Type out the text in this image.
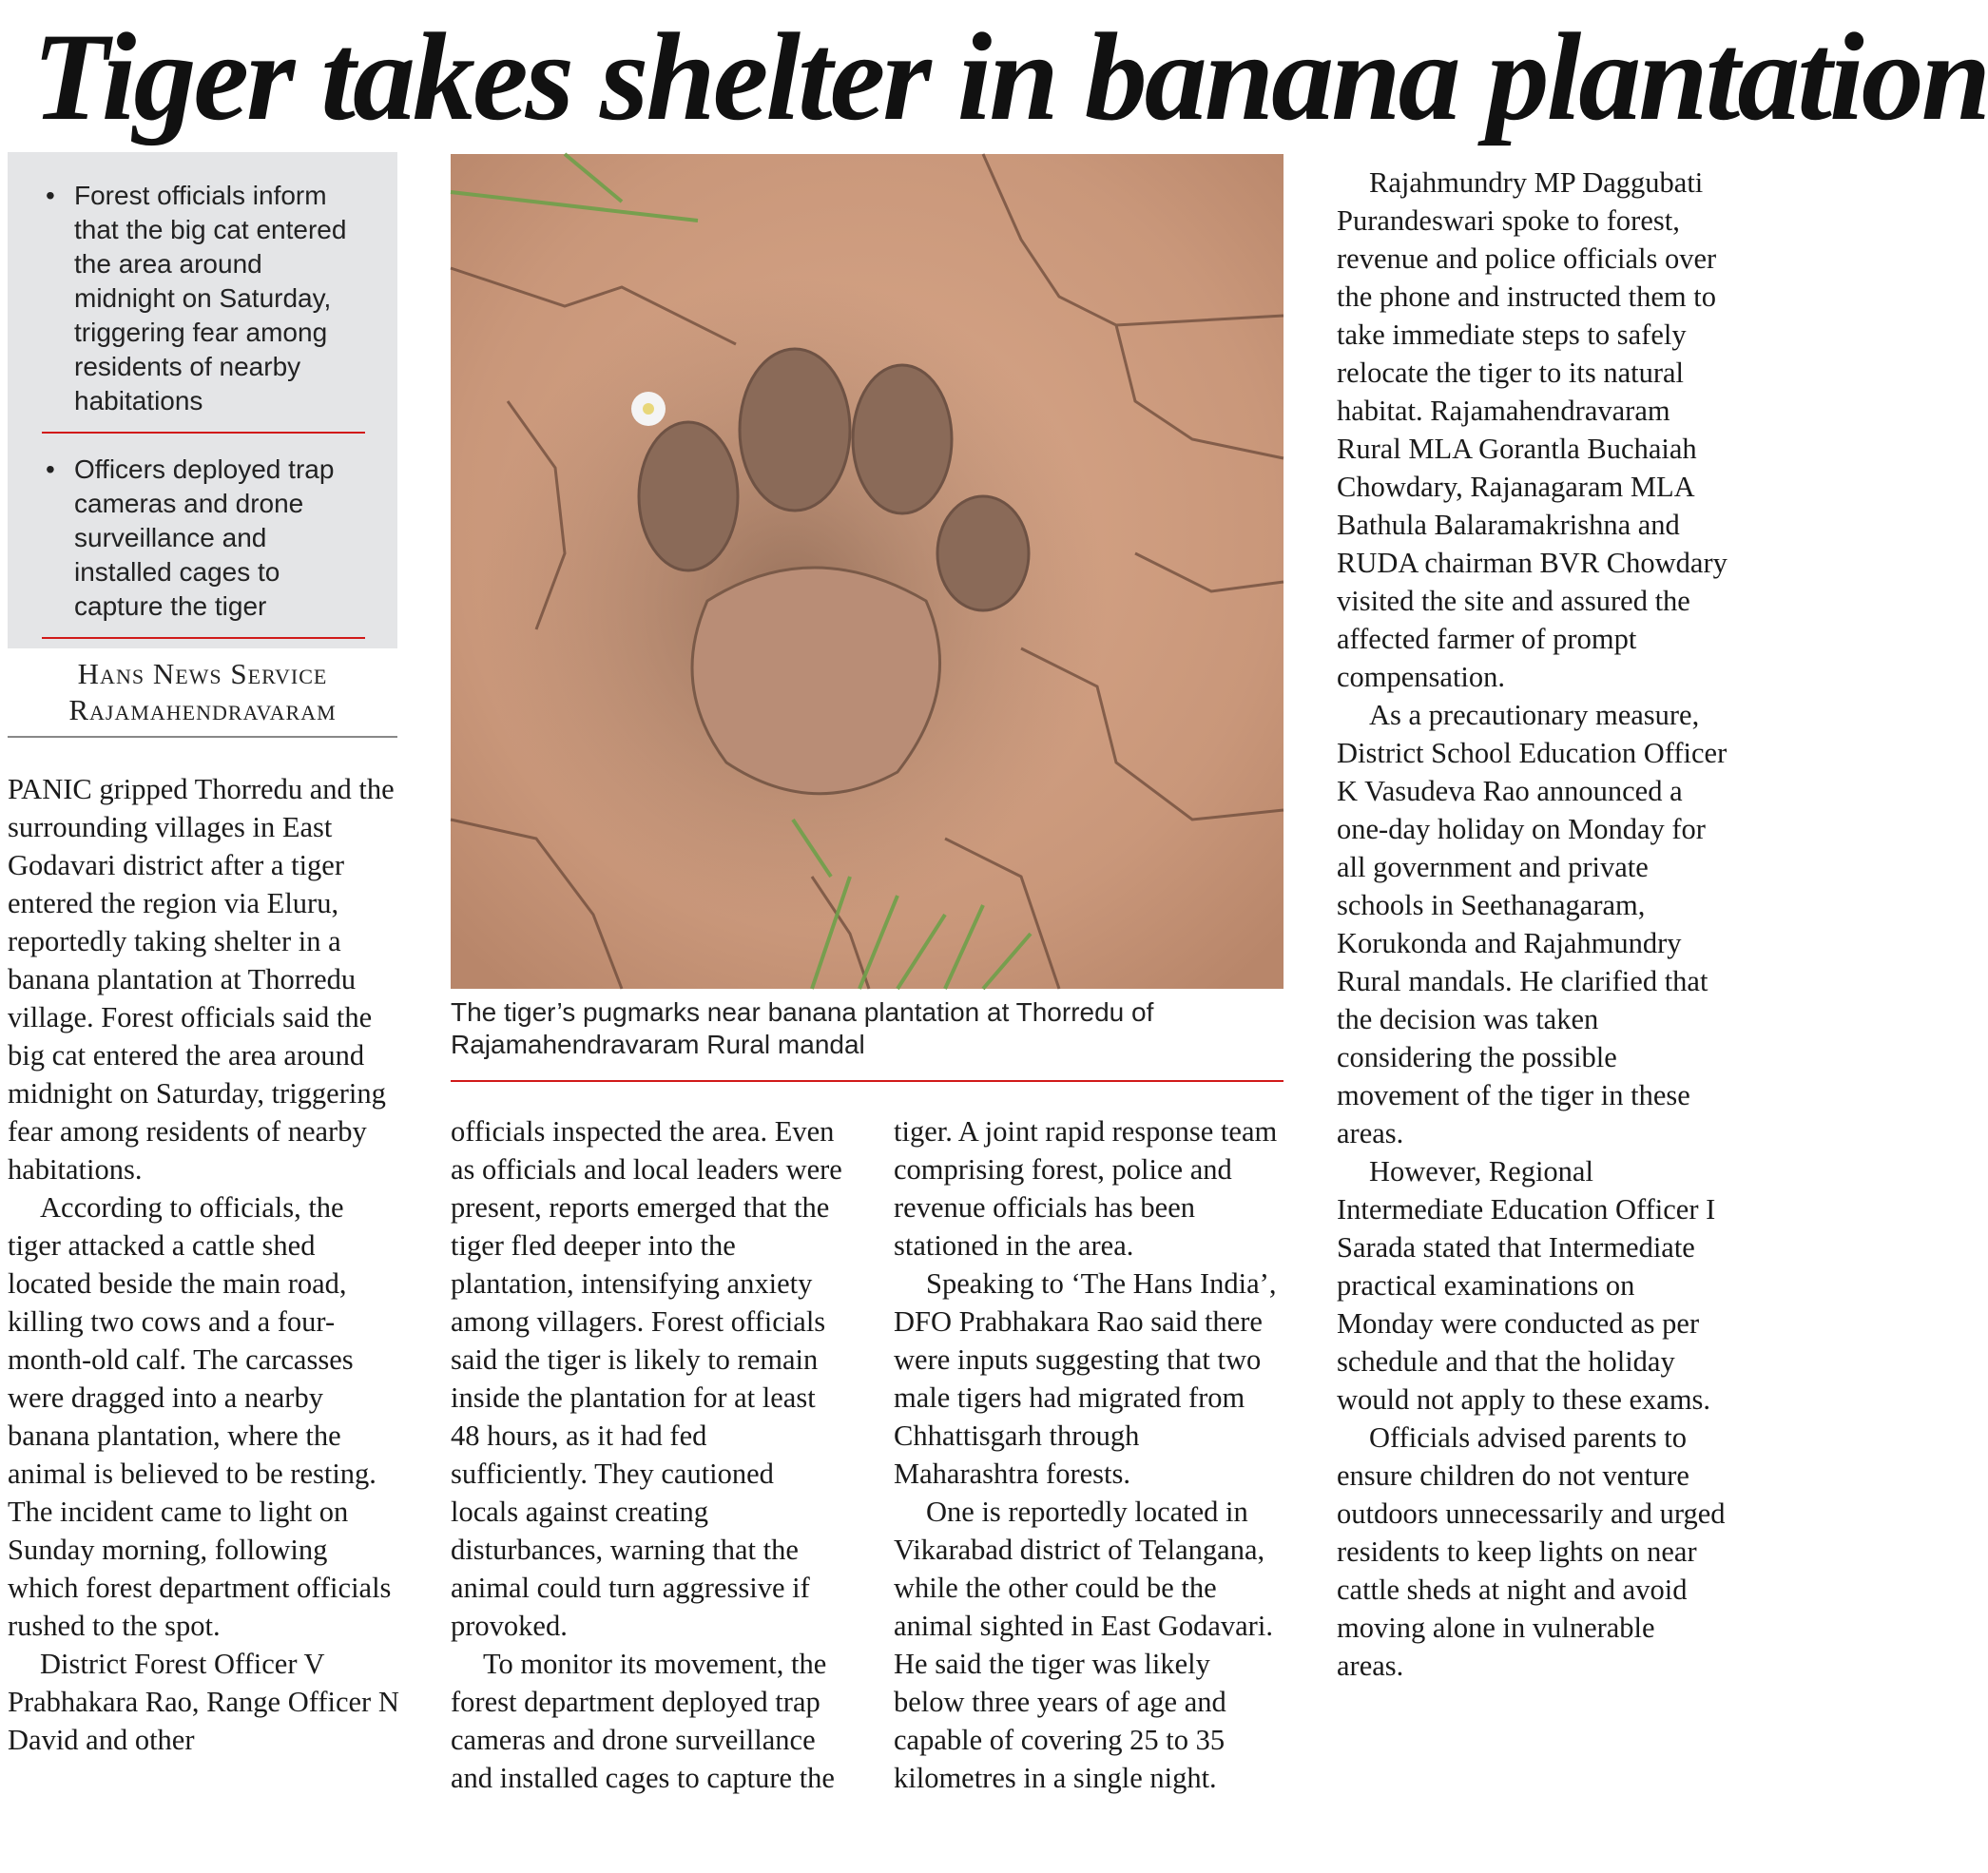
Tiger takes shelter in banana plantation
• Forest officials inform that the big cat entered the area around midnight on Saturday, triggering fear among residents of nearby habitations
• Officers deployed trap cameras and drone surveillance and installed cages to capture the tiger
Hans News Service
Rajamahendravaram

PANIC gripped Thorredu and the surrounding villages in East Godavari district after a tiger entered the region via Eluru, reportedly taking shelter in a banana plantation at Thorredu village. Forest officials said the big cat entered the area around midnight on Saturday, triggering fear among residents of nearby habitations.

According to officials, the tiger attacked a cattle shed located beside the main road, killing two cows and a four-month-old calf. The carcasses were dragged into a nearby banana plantation, where the animal is believed to be resting. The incident came to light on Sunday morning, following which forest department officials rushed to the spot.

District Forest Officer V Prabhakara Rao, Range Officer N David and other

The tiger’s pugmarks near banana plantation at Thorredu of Rajamahendravaram Rural mandal

officials inspected the area. Even as officials and local leaders were present, reports emerged that the tiger fled deeper into the plantation, intensifying anxiety among villagers. Forest officials said the tiger is likely to remain inside the plantation for at least 48 hours, as it had fed sufficiently. They cautioned locals against creating disturbances, warning that the animal could turn aggressive if provoked.

To monitor its movement, the forest department deployed trap cameras and drone surveillance and installed cages to capture the

tiger. A joint rapid response team comprising forest, police and revenue officials has been stationed in the area.

Speaking to ‘The Hans India’, DFO Prabhakara Rao said there were inputs suggesting that two male tigers had migrated from Chhattisgarh through Maharashtra forests.

One is reportedly located in Vikarabad district of Telangana, while the other could be the animal sighted in East Godavari. He said the tiger was likely below three years of age and capable of covering 25 to 35 kilometres in a single night.

Rajahmundry MP Daggubati Purandeswari spoke to forest, revenue and police officials over the phone and instructed them to take immediate steps to safely relocate the tiger to its natural habitat. Rajamahendravaram Rural MLA Gorantla Buchaiah Chowdary, Rajanagaram MLA Bathula Balaramakrishna and RUDA chairman BVR Chowdary visited the site and assured the affected farmer of prompt compensation.

As a precautionary measure, District School Education Officer K Vasudeva Rao announced a one-day holiday on Monday for all government and private schools in Seethanagaram, Korukonda and Rajahmundry Rural mandals. He clarified that the decision was taken considering the possible movement of the tiger in these areas.

However, Regional Intermediate Education Officer I Sarada stated that Intermediate practical examinations on Monday were conducted as per schedule and that the holiday would not apply to these exams.

Officials advised parents to ensure children do not venture outdoors unnecessarily and urged residents to keep lights on near cattle sheds at night and avoid moving alone in vulnerable areas.
